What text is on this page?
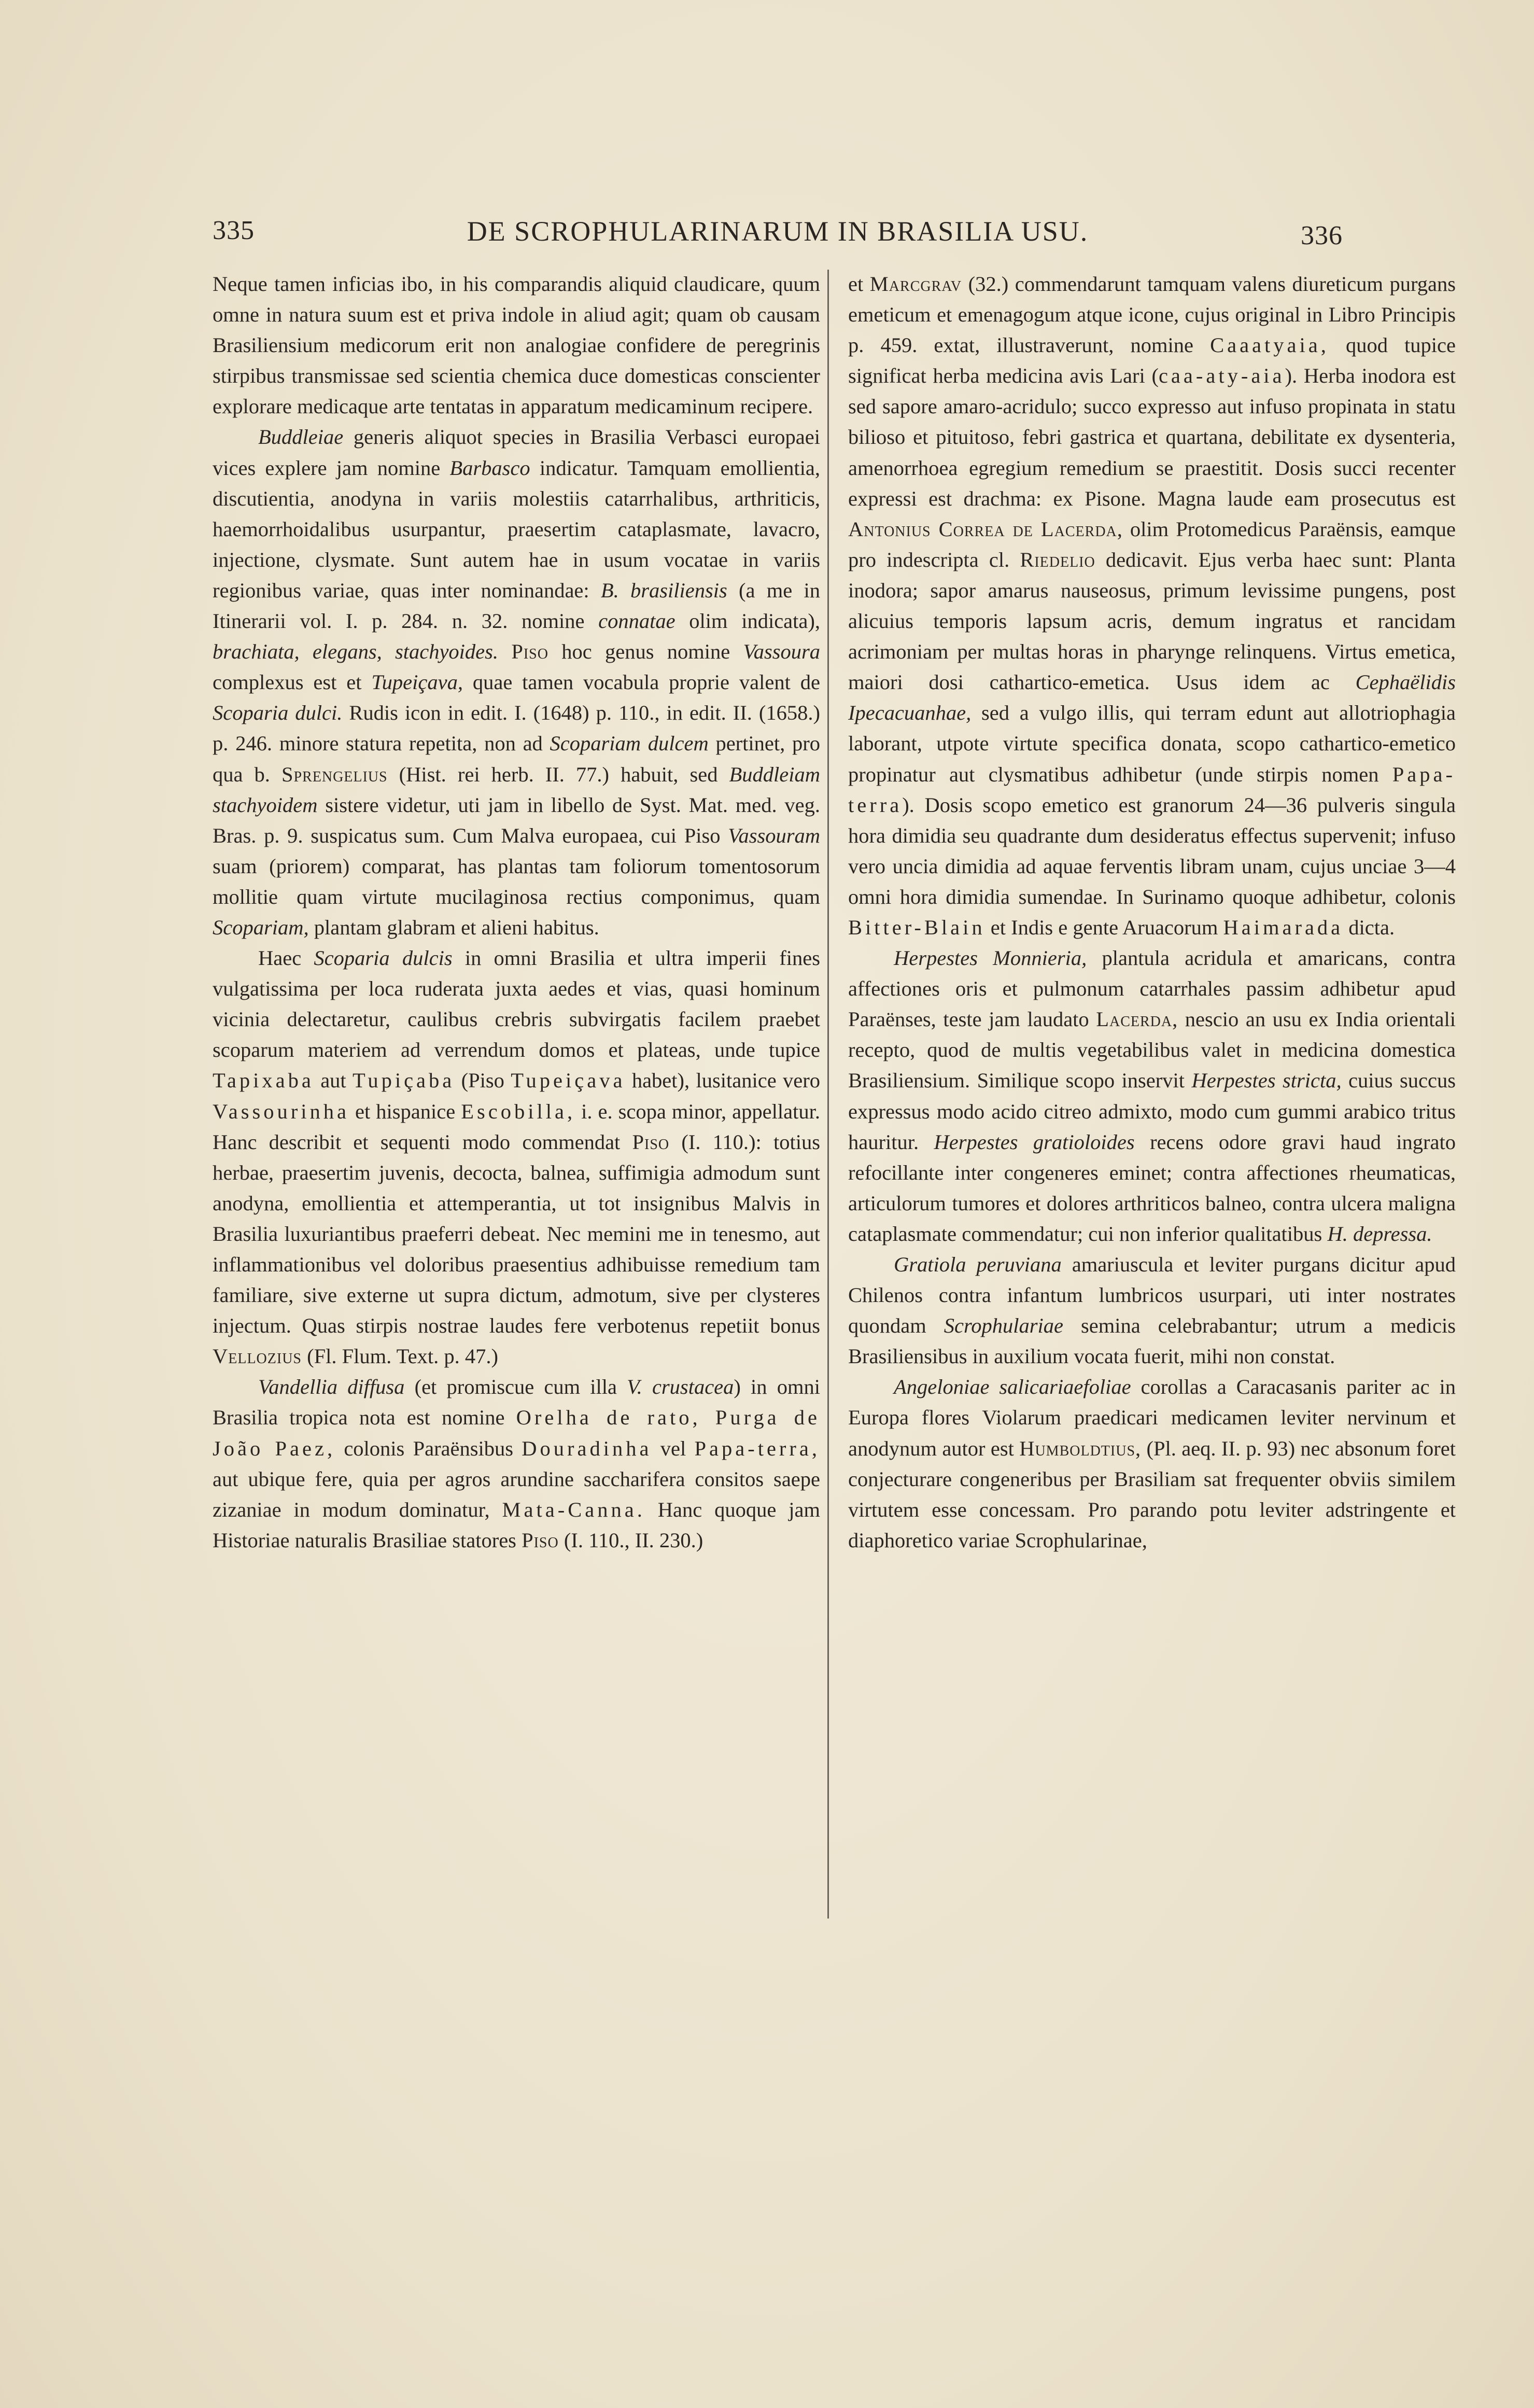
335	DE SCROPHULARINARUM IN BRASILIA USU.	336

Neque tamen inficias ibo, in his comparandis aliquid claudicare, quum omne in natura suum est et priva indole in aliud agit; quam ob causam Brasiliensium medicorum erit non analogiae confidere de peregrinis stirpibus transmissae sed scientia chemica duce domesticas conscienter explorare medicaque arte tentatas in apparatum medicaminum recipere.

Buddleiae generis aliquot species in Brasilia Verbasci europaei vices explere jam nomine Barbasco indicatur. Tamquam emollientia, discutientia, anodyna in variis molestiis catarrhalibus, arthriticis, haemorrhoidalibus usurpantur, praesertim cataplasmate, lavacro, injectione, clysmate. Sunt autem hae in usum vocatae in variis regionibus variae, quas inter nominandae: B. brasiliensis (a me in Itinerarii vol. I. p. 284. n. 32. nomine connatae olim indicata), brachiata, elegans, stachyoides. Piso hoc genus nomine Vassoura complexus est et Tupeiçava, quae tamen vocabula proprie valent de Scoparia dulci. Rudis icon in edit. I. (1648) p. 110., in edit. II. (1658.) p. 246. minore statura repetita, non ad Scopariam dulcem pertinet, pro qua b. Sprengelius (Hist. rei herb. II. 77.) habuit, sed Buddleiam stachyoidem sistere videtur, uti jam in libello de Syst. Mat. med. veg. Bras. p. 9. suspicatus sum. Cum Malva europaea, cui Piso Vassouram suam (priorem) comparat, has plantas tam foliorum tomentosorum mollitie quam virtute mucilaginosa rectius componimus, quam Scopariam, plantam glabram et alieni habitus.

Haec Scoparia dulcis in omni Brasilia et ultra imperii fines vulgatissima per loca ruderata juxta aedes et vias, quasi hominum vicinia delectaretur, caulibus crebris subvirgatis facilem praebet scoparum materiem ad verrendum domos et plateas, unde tupice Tapixaba aut Tupiçaba (Piso Tupeiçava habet), lusitanice vero Vassourinha et hispanice Escobilla, i. e. scopa minor, appellatur. Hanc describit et sequenti modo commendat Piso (I. 110.): totius herbae, praesertim juvenis, decocta, balnea, suffimigia admodum sunt anodyna, emollientia et attemperantia, ut tot insignibus Malvis in Brasilia luxuriantibus praeferri debeat. Nec memini me in tenesmo, aut inflammationibus vel doloribus praesentius adhibuisse remedium tam familiare, sive externe ut supra dictum, admotum, sive per clysteres injectum. Quas stirpis nostrae laudes fere verbotenus repetiit bonus Vellozius (Fl. Flum. Text. p. 47.)

Vandellia diffusa (et promiscue cum illa V. crustacea) in omni Brasilia tropica nota est nomine Orelha de rato, Purga de João Paez, colonis Paraënsibus Douradinha vel Papa-terra, aut ubique fere, quia per agros arundine saccharifera consitos saepe zizaniae in modum dominatur, Mata-Canna. Hanc quoque jam Historiae naturalis Brasiliae statores Piso (I. 110., II. 230.)

et Marcgrav (32.) commendarunt tamquam valens diureticum purgans emeticum et emenagogum atque icone, cujus original in Libro Principis p. 459. extat, illustraverunt, nomine Caaatyaia, quod tupice significat herba medicina avis Lari (caa-aty-aia). Herba inodora est sed sapore amaro-acridulo; succo expresso aut infuso propinata in statu bilioso et pituitoso, febri gastrica et quartana, debilitate ex dysenteria, amenorrhoea egregium remedium se praestitit. Dosis succi recenter expressi est drachma: ex Pisone. Magna laude eam prosecutus est Antonius Correa de Lacerda, olim Protomedicus Paraënsis, eamque pro indescripta cl. Riedelio dedicavit. Ejus verba haec sunt: Planta inodora; sapor amarus nauseosus, primum levissime pungens, post alicuius temporis lapsum acris, demum ingratus et rancidam acrimoniam per multas horas in pharynge relinquens. Virtus emetica, maiori dosi cathartico-emetica. Usus idem ac Cephaëlidis Ipecacuanhae, sed a vulgo illis, qui terram edunt aut allotriophagia laborant, utpote virtute specifica donata, scopo cathartico-emetico propinatur aut clysmatibus adhibetur (unde stirpis nomen Papa-terra). Dosis scopo emetico est granorum 24—36 pulveris singula hora dimidia seu quadrante dum desideratus effectus supervenit; infuso vero uncia dimidia ad aquae ferventis libram unam, cujus unciae 3—4 omni hora dimidia sumendae. In Surinamo quoque adhibetur, colonis Bitter-Blain et Indis e gente Aruacorum Haimarada dicta.

Herpestes Monnieria, plantula acridula et amaricans, contra affectiones oris et pulmonum catarrhales passim adhibetur apud Paraënses, teste jam laudato Lacerda, nescio an usu ex India orientali recepto, quod de multis vegetabilibus valet in medicina domestica Brasiliensium. Similique scopo inservit Herpestes stricta, cuius succus expressus modo acido citreo admixto, modo cum gummi arabico tritus hauritur. Herpestes gratioloides recens odore gravi haud ingrato refocillante inter congeneres eminet; contra affectiones rheumaticas, articulorum tumores et dolores arthriticos balneo, contra ulcera maligna cataplasmate commendatur; cui non inferior qualitatibus H. depressa.

Gratiola peruviana amariuscula et leviter purgans dicitur apud Chilenos contra infantum lumbricos usurpari, uti inter nostrates quondam Scrophulariae semina celebrabantur; utrum a medicis Brasiliensibus in auxilium vocata fuerit, mihi non constat.

Angeloniae salicariaefoliae corollas a Caracasanis pariter ac in Europa flores Violarum praedicari medicamen leviter nervinum et anodynum autor est Humboldtius, (Pl. aeq. II. p. 93) nec absonum foret conjecturare congeneribus per Brasiliam sat frequenter obviis similem virtutem esse concessam. Pro parando potu leviter adstringente et diaphoretico variae Scrophularinae,
